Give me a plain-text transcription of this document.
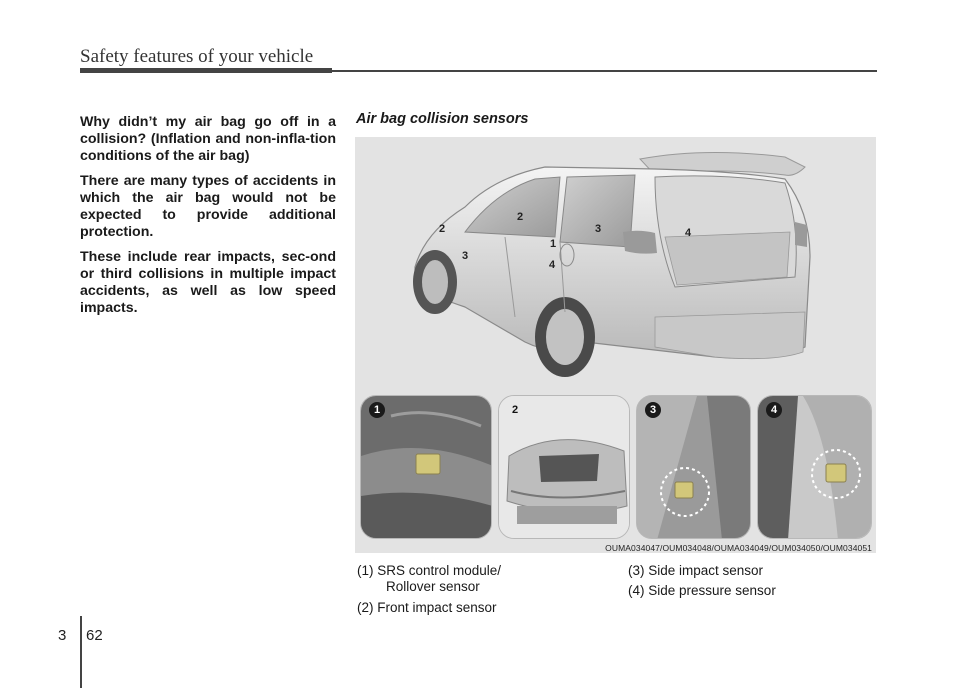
Safety features of your vehicle

Why didn’t my air bag go off in a collision? (Inflation and non-infla-tion conditions of the air bag)

There are many types of accidents in which the air bag would not be expected to provide additional protection.

These include rear impacts, sec-ond or third collisions in multiple impact accidents, as well as low speed impacts.

Air bag collision sensors
2
2
3
3
1
4
4
1	2	3	4
OUMA034047/OUM034048/OUMA034049/OUM034050/OUM034051
(1) SRS control module/
Rollover sensor
(2) Front impact sensor
(3) Side impact sensor
(4) Side pressure sensor
3 62
